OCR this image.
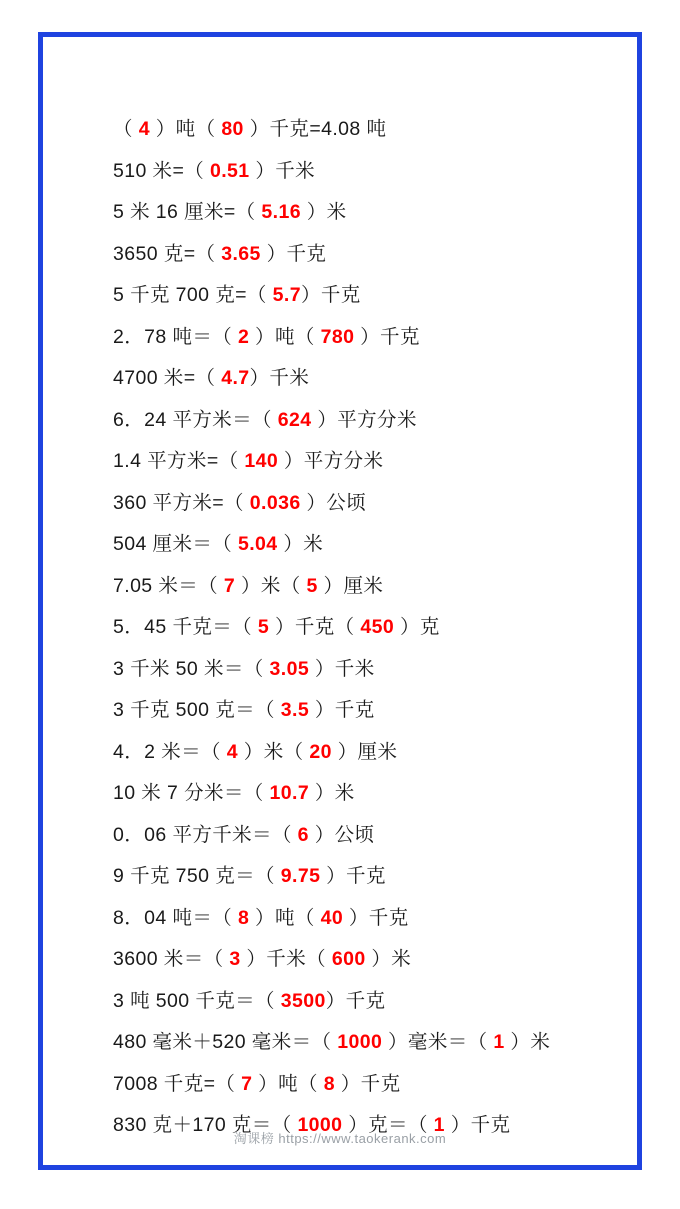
（ 4 ）吨（ 80 ）千克=4.08 吨
510 米=（ 0.51 ）千米
5 米 16 厘米=（ 5.16 ）米
3650 克=（ 3.65 ）千克
5 千克 700 克=（ 5.7）千克
2．78 吨＝（ 2 ）吨（ 780 ）千克
4700 米=（ 4.7）千米
6．24 平方米＝（ 624 ）平方分米
1.4 平方米=（ 140 ）平方分米
360 平方米=（ 0.036 ）公顷
504 厘米＝（ 5.04 ）米
7.05 米＝（ 7 ）米（ 5 ）厘米
5．45 千克＝（ 5 ）千克（ 450 ）克
3 千米 50 米＝（ 3.05 ）千米
3 千克 500 克＝（ 3.5 ）千克
4．2 米＝（ 4 ）米（ 20 ）厘米
10 米 7 分米＝（ 10.7 ）米
0．06 平方千米＝（ 6 ）公顷
9 千克 750 克＝（ 9.75 ）千克
8．04 吨＝（ 8 ）吨（ 40 ）千克
3600 米＝（ 3 ）千米（ 600 ）米
3 吨 500 千克＝（ 3500）千克
480 毫米＋520 毫米＝（ 1000 ）毫米＝（ 1 ）米
7008 千克=（ 7 ）吨（ 8 ）千克
830 克＋170 克＝（ 1000 ）克＝（ 1 ）千克
淘课榜 https://www.taokerank.com
